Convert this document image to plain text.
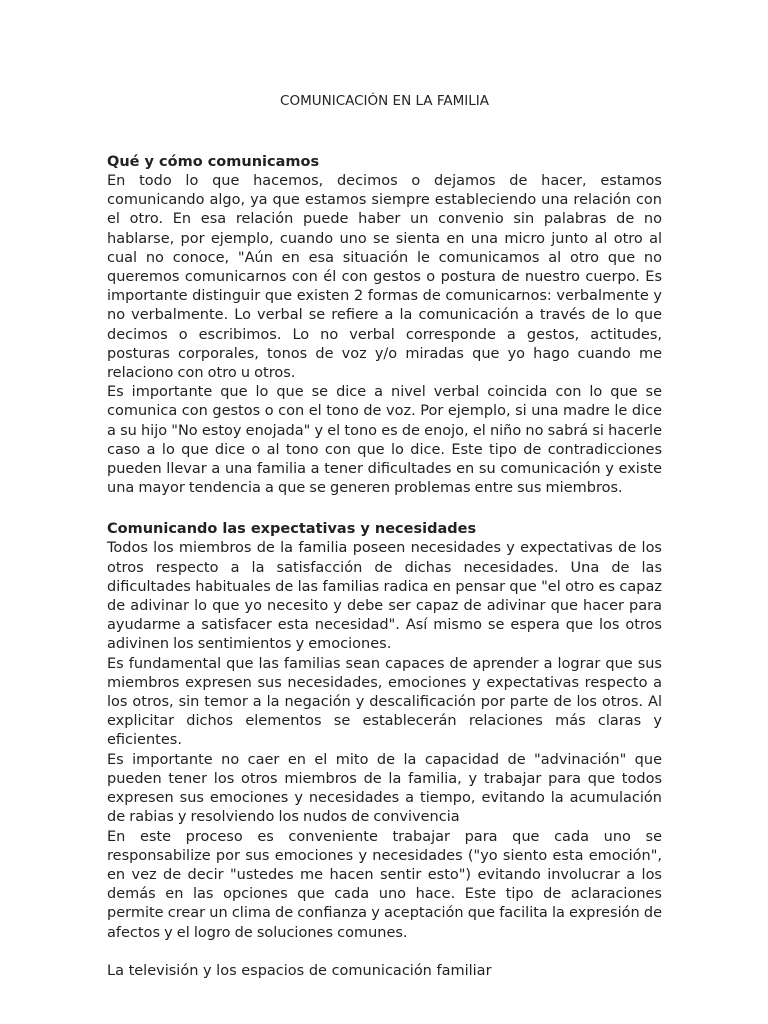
COMUNICACIÓN EN LA FAMILIA
Qué y cómo comunicamos

En todo lo que hacemos, decimos o dejamos de hacer, estamos comunicando algo, ya que estamos siempre estableciendo una relación con el otro. En esa relación puede haber un convenio sin palabras de no hablarse, por ejemplo, cuando uno se sienta en una micro junto al otro al cual no conoce, "Aún en esa situación le comunicamos al otro que no queremos comunicarnos con él con gestos o postura de nuestro cuerpo. Es importante distinguir que existen 2 formas de comunicarnos: verbalmente y no verbalmente. Lo verbal se refiere a la comunicación a través de lo que decimos o escribimos. Lo no verbal corresponde a gestos, actitudes, posturas corporales, tonos de voz y/o miradas que yo hago cuando me relaciono con otro u otros.

Es importante que lo que se dice a nivel verbal coincida con lo que se comunica con gestos o con el tono de voz. Por ejemplo, si una madre le dice a su hijo "No estoy enojada" y el tono es de enojo, el niño no sabrá si hacerle caso a lo que dice o al tono con que lo dice. Este tipo de contradicciones pueden llevar a una familia a tener dificultades en su comunicación y existe una mayor tendencia a que se generen problemas entre sus miembros.

Comunicando las expectativas y necesidades

Todos los miembros de la familia poseen necesidades y expectativas de los otros respecto a la satisfacción de dichas necesidades. Una de las dificultades habituales de las familias radica en pensar que "el otro es capaz de adivinar lo que yo necesito y debe ser capaz de adivinar que hacer para ayudarme a satisfacer esta necesidad". Así mismo se espera que los otros adivinen los sentimientos y emociones.

Es fundamental que las familias sean capaces de aprender a lograr que sus miembros expresen sus necesidades, emociones y expectativas respecto a los otros, sin temor a la negación y descalificación por parte de los otros. Al explicitar dichos elementos se establecerán relaciones más claras y eficientes.

Es importante no caer en el mito de la capacidad de "advinación" que pueden tener los otros miembros de la familia, y trabajar para que todos expresen sus emociones y necesidades a tiempo, evitando la acumulación de rabias y resolviendo los nudos de convivencia

En este proceso es conveniente trabajar para que cada uno se responsabilize por sus emociones y necesidades ("yo siento esta emoción", en vez de decir "ustedes me hacen sentir esto") evitando involucrar a los demás en las opciones que cada uno hace. Este tipo de aclaraciones permite crear un clima de confianza y aceptación que facilita la expresión de afectos y el logro de soluciones comunes.

La televisión y los espacios de comunicación familiar
